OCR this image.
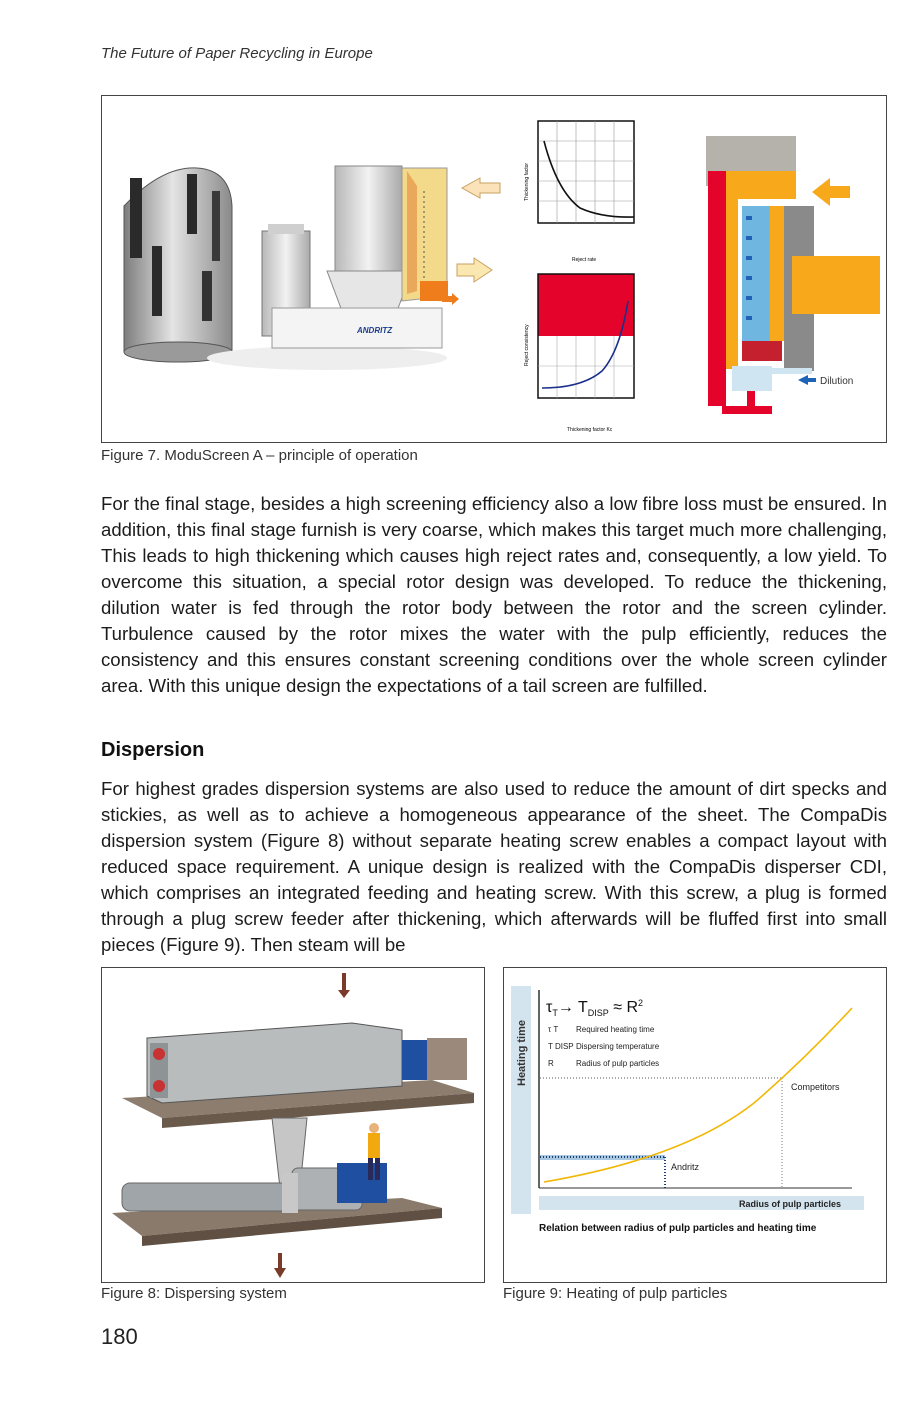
The Future of Paper Recycling in Europe
ANDRITZ
Thickening factor
Reject rate
Reject consistency
Thickening factor Kc
Dilution
Figure 7. ModuScreen A – principle of operation

For the final stage, besides a high screening efficiency also a low fibre loss must be ensured. In addition, this final stage furnish is very coarse, which makes this target much more challenging, This leads to high thickening which causes high reject rates and, consequently, a low yield. To overcome this situation, a special rotor design was developed. To reduce the thickening, dilution water is fed through the rotor body between the rotor and the screen cylinder. Turbulence caused by the rotor mixes the water with the pulp efficiently, reduces the consistency and this ensures constant screening conditions over the whole screen cylinder area. With this unique design the expectations of a tail screen are fulfilled.

Dispersion

For highest grades dispersion systems are also used to reduce the amount of dirt specks and stickies, as well as to achieve a homogeneous appearance of the sheet. The CompaDis dispersion system (Figure 8) without separate heating screw enables a compact layout with reduced space requirement. A unique design is realized with the CompaDis disperser CDI, which comprises an integrated feeding and heating screw. With this screw, a plug is formed through a plug screw feeder after thickening, which afterwards will be fluffed first into small pieces (Figure 9). Then steam will be

Figure 8: Dispersing system
Heating time
$\tau_T\to T_{DISP} \approx R^2$
τ T Required heating time
T DISP Dispersing temperature
R	Radius of pulp particles
Competitors
Andritz
Radius of pulp particles
Relation between radius of pulp particles and heating time
Figure 9: Heating of pulp particles
180
